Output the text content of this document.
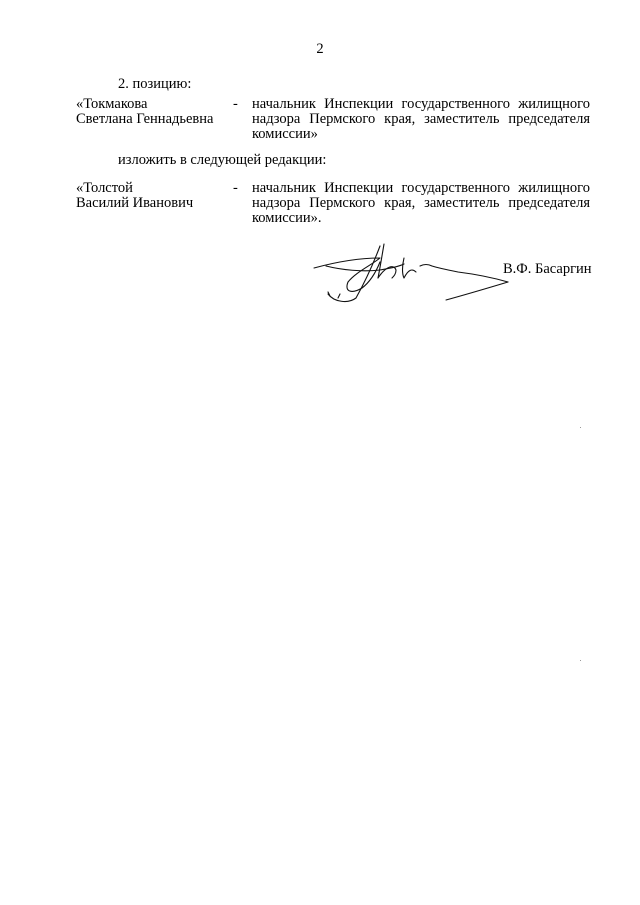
2
2. позицию:
«Токмакова
Светлана Геннадьевна
- начальник Инспекции государственного жилищного
надзора Пермского края, заместитель председателя
комиссии»
изложить в следующей редакции:
«Толстой
Василий Иванович
- начальник Инспекции государственного жилищного
надзора Пермского края, заместитель председателя
комиссии».
В.Ф. Басаргин
